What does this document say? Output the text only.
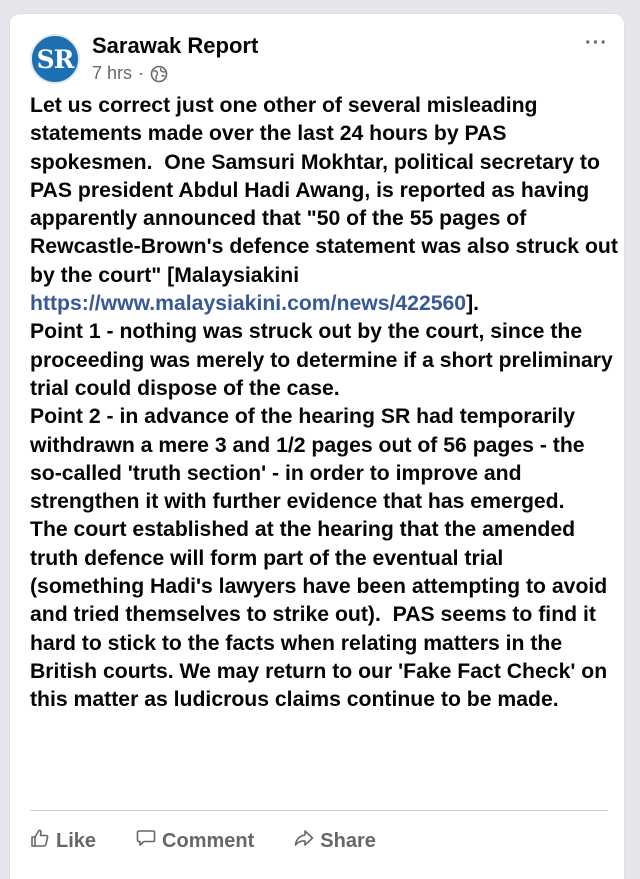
SR Sarawak Report
7 hrs ·
···
Let us correct just one other of several misleading statements made over the last 24 hours by PAS spokesmen.  One Samsuri Mokhtar, political secretary to PAS president Abdul Hadi Awang, is reported as having apparently announced that "50 of the 55 pages of Rewcastle-Brown's defence statement was also struck out by the court" [Malaysiakini https://www.malaysiakini.com/news/422560].
Point 1 - nothing was struck out by the court, since the proceeding was merely to determine if a short preliminary trial could dispose of the case.
Point 2 - in advance of the hearing SR had temporarily withdrawn a mere 3 and 1/2 pages out of 56 pages - the so-called 'truth section' - in order to improve and strengthen it with further evidence that has emerged.
The court established at the hearing that the amended truth defence will form part of the eventual trial (something Hadi's lawyers have been attempting to avoid and tried themselves to strike out).  PAS seems to find it hard to stick to the facts when relating matters in the British courts. We may return to our 'Fake Fact Check' on this matter as ludicrous claims continue to be made.
Like	Comment	Share
